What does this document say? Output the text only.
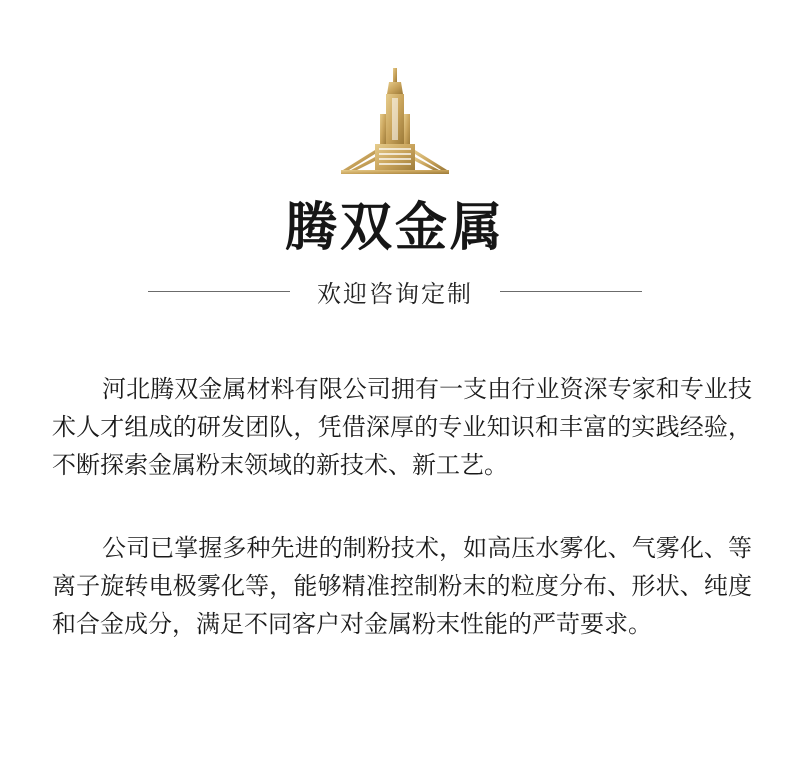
腾双金属
欢迎咨询定制

河北腾双金属材料有限公司拥有一支由行业资深专家和专业技术人才组成的研发团队，凭借深厚的专业知识和丰富的实践经验，不断探索金属粉末领域的新技术、新工艺。

公司已掌握多种先进的制粉技术，如高压水雾化、气雾化、等离子旋转电极雾化等，能够精准控制粉末的粒度分布、形状、纯度和合金成分，满足不同客户对金属粉末性能的严苛要求。
